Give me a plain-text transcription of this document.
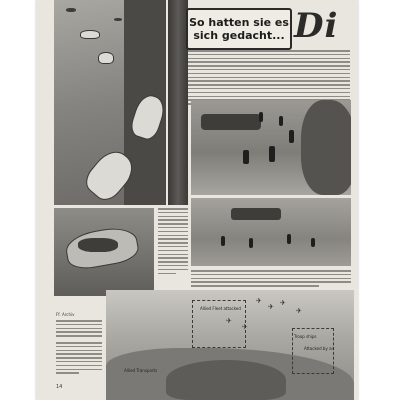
So hatten sie es sich gedacht... Di
Ff. Archiv
✈
✈ ✈
✈
✈
✈
Allied Fleet attacked
Troop ships
Attacked by air
Allied Transports
14
